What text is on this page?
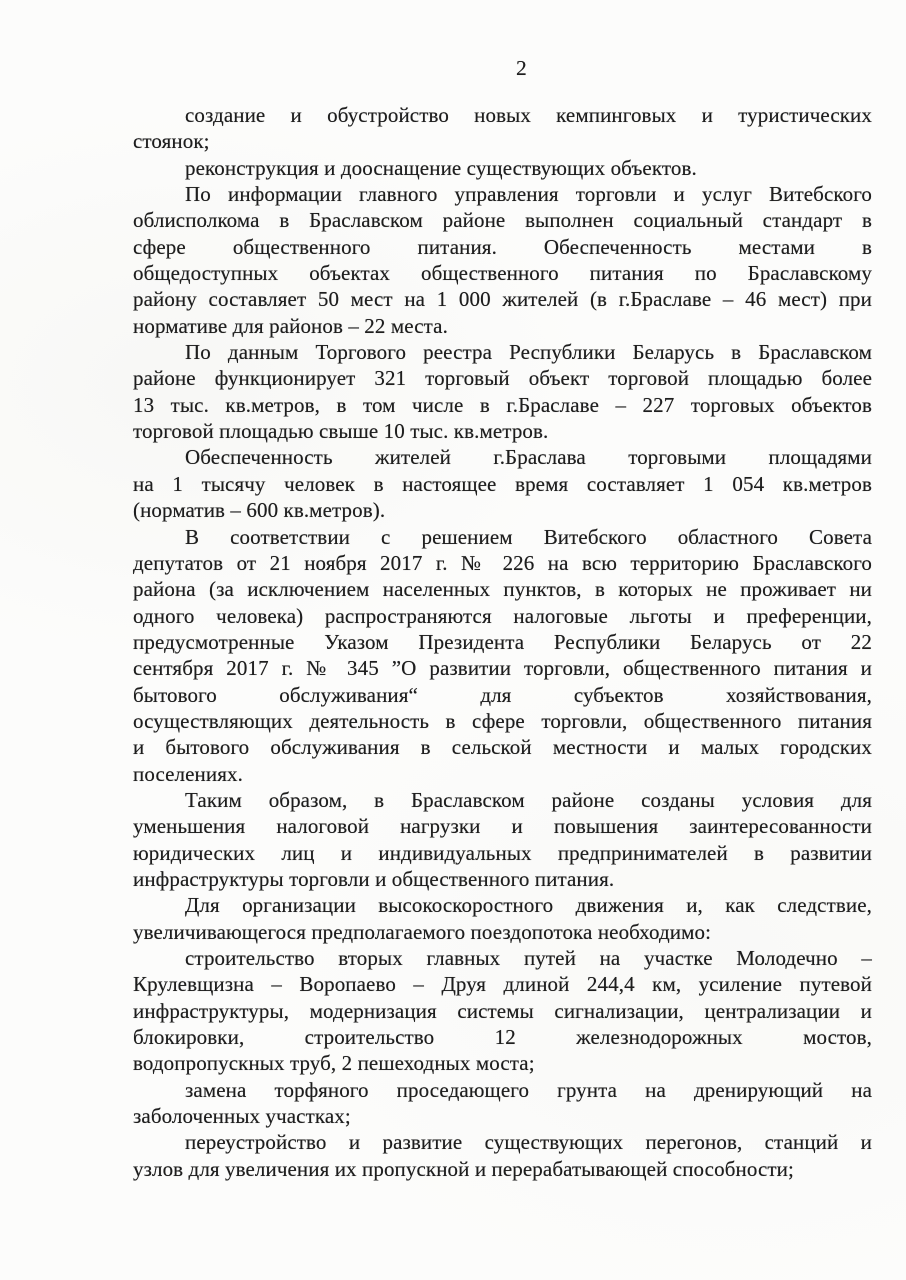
2
создание и обустройство новых кемпинговых и туристических
стоянок;
реконструкция и дооснащение существующих объектов.
По информации главного управления торговли и услуг Витебского
облисполкома в Браславском районе выполнен социальный стандарт в
сфере общественного питания. Обеспеченность местами в
общедоступных объектах общественного питания по Браславскому
району составляет 50 мест на 1 000 жителей (в г.Браславе – 46 мест) при
нормативе для районов – 22 места.
По данным Торгового реестра Республики Беларусь в Браславском
районе функционирует 321 торговый объект торговой площадью более
13 тыс. кв.метров, в том числе в г.Браславе – 227 торговых объектов
торговой площадью свыше 10 тыс. кв.метров.
Обеспеченность жителей г.Браслава торговыми площадями
на 1 тысячу человек в настоящее время составляет 1 054 кв.метров
(норматив – 600 кв.метров).
В соответствии с решением Витебского областного Совета
депутатов от 21 ноября 2017 г. № 226 на всю территорию Браславского
района (за исключением населенных пунктов, в которых не проживает ни
одного человека) распространяются налоговые льготы и преференции,
предусмотренные Указом Президента Республики Беларусь от 22
сентября 2017 г. № 345 ”О развитии торговли, общественного питания и
бытового обслуживания“ для субъектов хозяйствования,
осуществляющих деятельность в сфере торговли, общественного питания
и бытового обслуживания в сельской местности и малых городских
поселениях.
Таким образом, в Браславском районе созданы условия для
уменьшения налоговой нагрузки и повышения заинтересованности
юридических лиц и индивидуальных предпринимателей в развитии
инфраструктуры торговли и общественного питания.
Для организации высокоскоростного движения и, как следствие,
увеличивающегося предполагаемого поездопотока необходимо:
строительство вторых главных путей на участке Молодечно –
Крулевщизна – Воропаево – Друя длиной 244,4 км, усиление путевой
инфраструктуры, модернизация системы сигнализации, централизации и
блокировки, строительство 12 железнодорожных мостов,
водопропускных труб, 2 пешеходных моста;
замена торфяного проседающего грунта на дренирующий на
заболоченных участках;
переустройство и развитие существующих перегонов, станций и
узлов для увеличения их пропускной и перерабатывающей способности;
